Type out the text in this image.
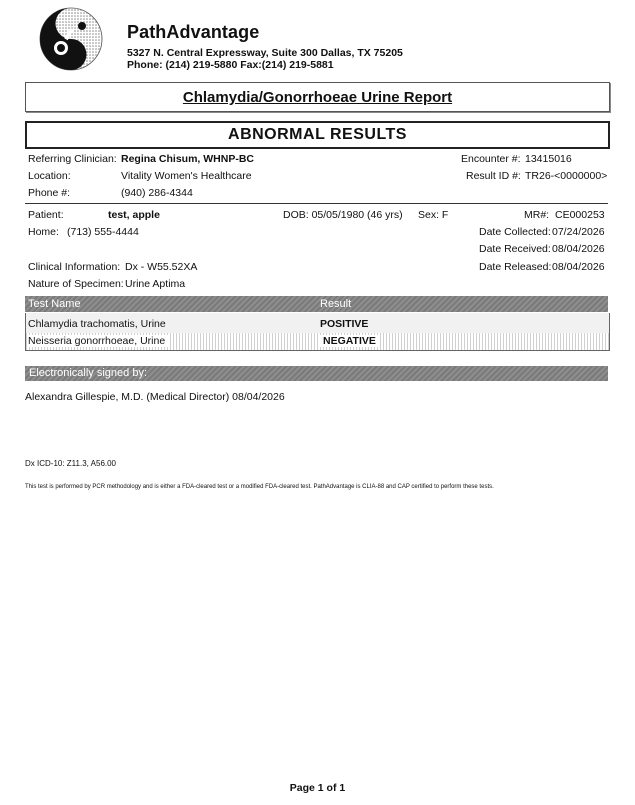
PathAdvantage
5327 N. Central Expressway, Suite 300 Dallas, TX 75205
Phone: (214) 219-5880 Fax:(214) 219-5881
Chlamydia/Gonorrhoeae Urine Report
ABNORMAL RESULTS
Referring Clinician: Regina Chisum, WHNP-BC
Location:	Vitality Women's Healthcare
Phone #:	(940) 286-4344
Encounter #: 13415016
Result ID #: TR26-<0000000>
Patient:	test, apple	DOB: 05/05/1980 (46 yrs) Sex: F	MR#: CE000253
Home: (713) 555-4444	Date Collected: 07/24/2026
Date Received: 08/04/2026
Date Released: 08/04/2026
Clinical Information: Dx - W55.52XA
Nature of Specimen: Urine Aptima
Test Name	Result
Chlamydia trachomatis, Urine	POSITIVE
Neisseria gonorrhoeae, Urine	NEGATIVE
Electronically signed by:
Alexandra Gillespie, M.D. (Medical Director) 08/04/2026
Dx ICD-10: Z11.3, A56.00
This test is performed by PCR methodology and is either a FDA-cleared test or a modified FDA-cleared test. PathAdvantage is CLIA-88 and CAP certified to perform these tests.
Page 1 of 1
